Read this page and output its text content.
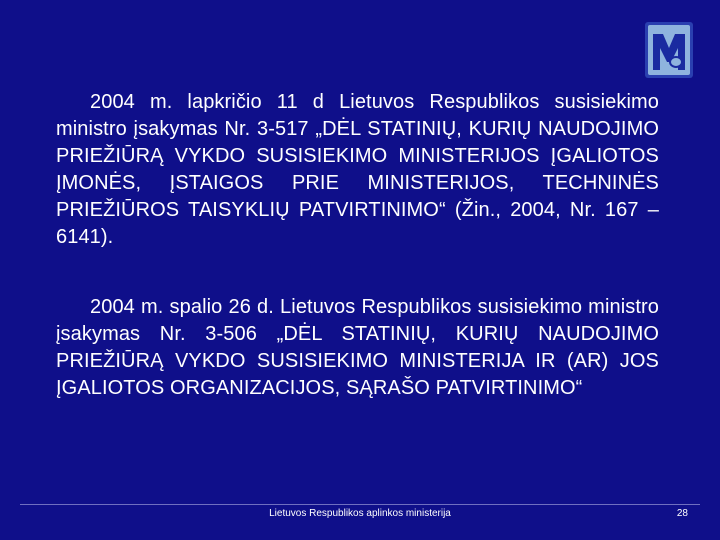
2004 m. lapkričio 11 d Lietuvos Respublikos susisiekimo ministro įsakymas Nr. 3-517 „DĖL STATINIŲ, KURIŲ NAUDOJIMO PRIEŽIŪRĄ VYKDO SUSISIEKIMO MINISTERIJOS ĮGALIOTOS ĮMONĖS, ĮSTAIGOS PRIE MINISTERIJOS, TECHNINĖS PRIEŽIŪROS TAISYKLIŲ PATVIRTINIMO“ (Žin., 2004, Nr. 167 – 6141).
2004 m. spalio 26 d. Lietuvos Respublikos susisiekimo ministro įsakymas Nr. 3-506 „DĖL STATINIŲ, KURIŲ NAUDOJIMO PRIEŽIŪRĄ VYKDO SUSISIEKIMO MINISTERIJA IR (AR) JOS ĮGALIOTOS ORGANIZACIJOS, SĄRAŠO PATVIRTINIMO“
Lietuvos Respublikos aplinkos ministerija	28
